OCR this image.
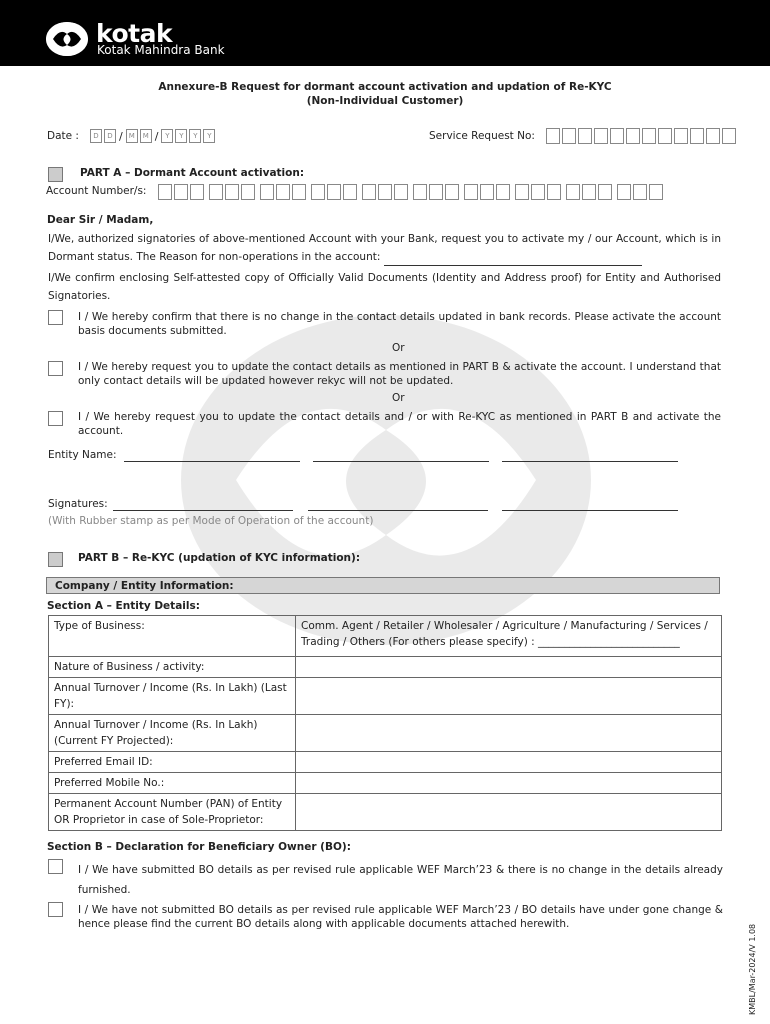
kotak
Kotak Mahindra Bank
Annexure-B Request for dormant account activation and updation of Re-KYC
(Non-Individual Customer)
Date :	D	D / M	M / Y	Y	Y	Y	Service Request No:
PART A – Dormant Account activation:
Account Number/s:
Dear Sir / Madam,
I/We, authorized signatories of above-mentioned Account with your Bank, request you to activate my / our Account, which is in Dormant status. The Reason for non-operations in the account:
I/We confirm enclosing Self-attested copy of Officially Valid Documents (Identity and Address proof) for Entity and Authorised Signatories.
I / We hereby confirm that there is no change in the contact details updated in bank records. Please activate the account basis documents submitted.
Or
I / We hereby request you to update the contact details as mentioned in PART B & activate the account. I understand that only contact details will be updated however rekyc will not be updated.
Or
I / We hereby request you to update the contact details and / or with Re-KYC as mentioned in PART B and activate the account.
Entity Name:
Signatures:
(With Rubber stamp as per Mode of Operation of the account)
PART B – Re-KYC (updation of KYC information):
Company / Entity Information:
Section A – Entity Details:
Type of Business:	Comm. Agent / Retailer / Wholesaler / Agriculture / Manufacturing / Services / Trading / Others (For others please specify) : ___________________________
Nature of Business / activity:	
Annual Turnover / Income (Rs. In Lakh) (Last FY):	
Annual Turnover / Income (Rs. In Lakh) (Current FY Projected):	
Preferred Email ID:	
Preferred Mobile No.:	
Permanent Account Number (PAN) of Entity OR Proprietor in case of Sole-Proprietor:	
Section B – Declaration for Beneficiary Owner (BO):
I / We have submitted BO details as per revised rule applicable WEF March’23 & there is no change in the details already furnished.
I / We have not submitted BO details as per revised rule applicable WEF March’23 / BO details have under gone change & hence please find the current BO details along with applicable documents attached herewith.	KMBL/Mar-2024/V 1.08
